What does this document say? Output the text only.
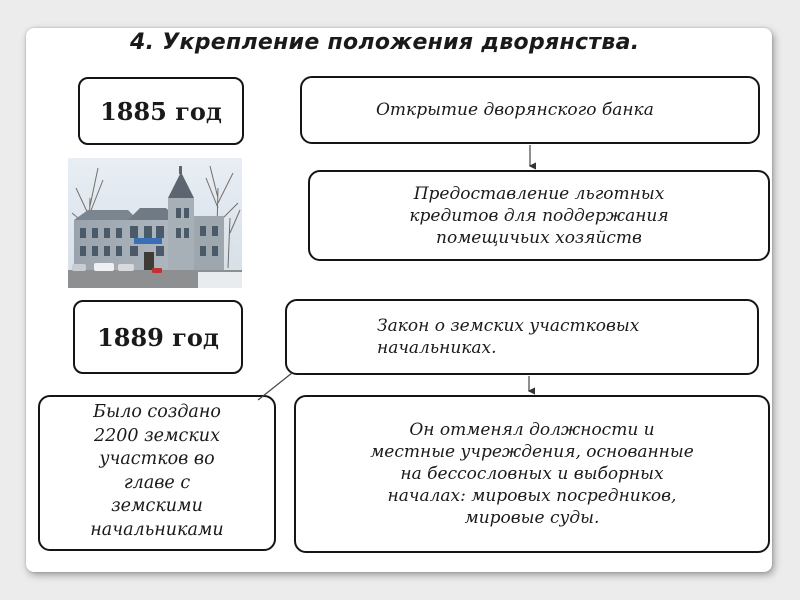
4. Укрепление положения дворянства.
1885 год	Открытие дворянского банка
Предоставление льготных
кредитов для поддержания
помещичьих хозяйств
1889 год	Закон о земских участковых
начальниках.
Было создано
2200 земских
участков во
главе с
земскими
начальниками
Он отменял должности и
местные учреждения, основанные
на бессословных и выборных
началах: мировых посредников,
мировые суды.
